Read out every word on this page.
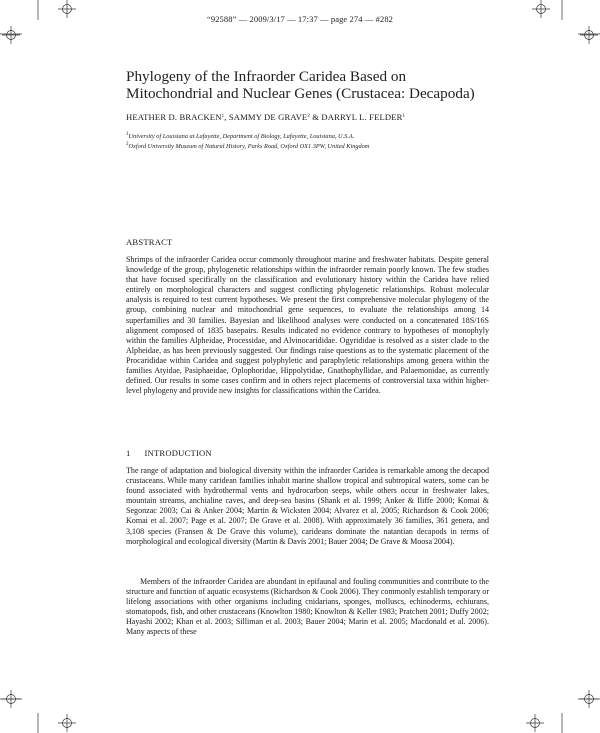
“92588” — 2009/3/17 — 17:37 — page 274 — #282
Phylogeny of the Infraorder Caridea Based on Mitochondrial and Nuclear Genes (Crustacea: Decapoda)
HEATHER D. BRACKEN$^1$, SAMMY DE GRAVE$^2$ & DARRYL L. FELDER$^1$
$^1$University of Louisiana at Lafayette, Department of Biology, Lafayette, Louisiana, U.S.A.
$^2$Oxford University Museum of Natural History, Parks Road, Oxford OX1 3PW, United Kingdom
ABSTRACT

Shrimps of the infraorder Caridea occur commonly throughout marine and freshwater habitats. Despite general knowledge of the group, phylogenetic relationships within the infraorder remain poorly known. The few studies that have focused specifically on the classification and evolutionary history within the Caridea have relied entirely on morphological characters and suggest conflicting phylogenetic relationships. Robust molecular analysis is required to test current hypotheses. We present the first comprehensive molecular phylogeny of the group, combining nuclear and mitochondrial gene sequences, to evaluate the relationships among 14 superfamilies and 30 families. Bayesian and likelihood analyses were conducted on a concatenated 18S/16S alignment composed of 1835 basepairs. Results indicated no evidence contrary to hypotheses of monophyly within the families Alpheidae, Processidae, and Alvinocarididae. Ogyrididae is resolved as a sister clade to the Alpheidae, as has been previously suggested. Our findings raise questions as to the systematic placement of the Procarididae within Caridea and suggest polyphyletic and paraphyletic relationships among genera within the families Atyidae, Pasiphaeidae, Oplophoridae, Hippolytidae, Gnathophyllidae, and Palaemonidae, as currently defined. Our results in some cases confirm and in others reject placements of controversial taxa within higher-level phylogeny and provide new insights for classifications within the Caridea.

1 INTRODUCTION

The range of adaptation and biological diversity within the infraorder Caridea is remarkable among the decapod crustaceans. While many caridean families inhabit marine shallow tropical and subtropical waters, some can be found associated with hydrothermal vents and hydrocarbon seeps, while others occur in freshwater lakes, mountain streams, anchialine caves, and deep-sea basins (Shank et al. 1999; Anker & Iliffe 2000; Komai & Segonzac 2003; Cai & Anker 2004; Martin & Wicksten 2004; Alvarez et al. 2005; Richardson & Cook 2006; Komai et al. 2007; Page et al. 2007; De Grave et al. 2008). With approximately 36 families, 361 genera, and 3,108 species (Fransen & De Grave this volume), carideans dominate the natantian decapods in terms of morphological and ecological diversity (Martin & Davis 2001; Bauer 2004; De Grave & Moosa 2004).

Members of the infraorder Caridea are abundant in epifaunal and fouling communities and contribute to the structure and function of aquatic ecosystems (Richardson & Cook 2006). They commonly establish temporary or lifelong associations with other organisms including cnidarians, sponges, molluscs, echinoderms, echiurans, stomatopods, fish, and other crustaceans (Knowlton 1980; Knowlton & Keller 1983; Pratchett 2001; Duffy 2002; Hayashi 2002; Khan et al. 2003; Silliman et al. 2003; Bauer 2004; Marin et al. 2005; Macdonald et al. 2006). Many aspects of these
